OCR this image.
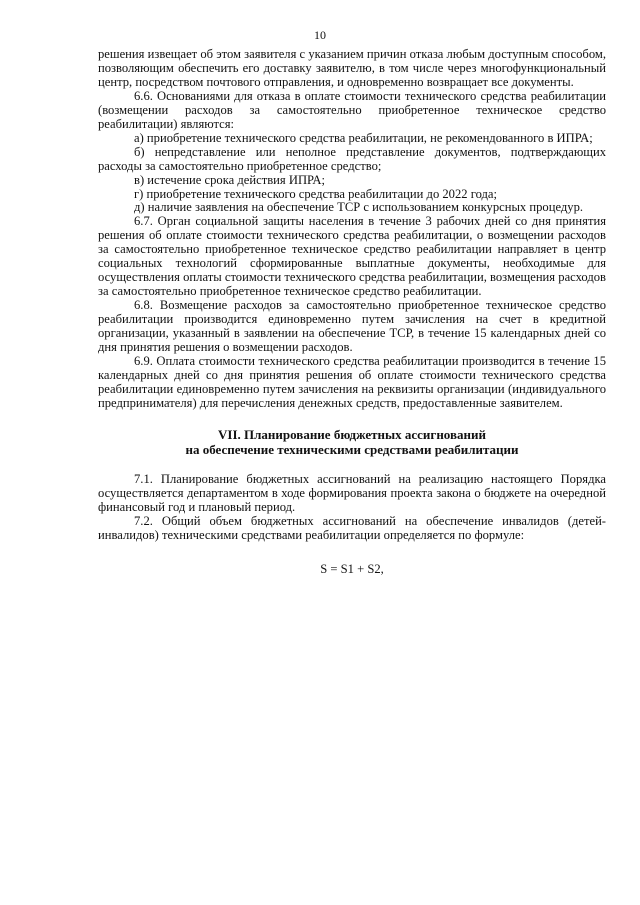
10

решения извещает об этом заявителя с указанием причин отказа любым доступным способом, позволяющим обеспечить его доставку заявителю, в том числе через многофункциональный центр, посредством почтового отправления, и одновременно возвращает все документы.

6.6. Основаниями для отказа в оплате стоимости технического средства реабилитации (возмещении расходов за самостоятельно приобретенное техническое средство реабилитации) являются:

а) приобретение технического средства реабилитации, не рекомендованного в ИПРА;

б) непредставление или неполное представление документов, подтверждающих расходы за самостоятельно приобретенное средство;

в) истечение срока действия ИПРА;

г) приобретение технического средства реабилитации до 2022 года;

д) наличие заявления на обеспечение ТСР с использованием конкурсных процедур.

6.7. Орган социальной защиты населения в течение 3 рабочих дней со дня принятия решения об оплате стоимости технического средства реабилитации, о возмещении расходов за самостоятельно приобретенное техническое средство реабилитации направляет в центр социальных технологий сформированные выплатные документы, необходимые для осуществления оплаты стоимости технического средства реабилитации, возмещения расходов за самостоятельно приобретенное техническое средство реабилитации.

6.8. Возмещение расходов за самостоятельно приобретенное техническое средство реабилитации производится единовременно путем зачисления на счет в кредитной организации, указанный в заявлении на обеспечение ТСР, в течение 15 календарных дней со дня принятия решения о возмещении расходов.

6.9. Оплата стоимости технического средства реабилитации производится в течение 15 календарных дней со дня принятия решения об оплате стоимости технического средства реабилитации единовременно путем зачисления на реквизиты организации (индивидуального предпринимателя) для перечисления денежных средств, предоставленные заявителем.

VII. Планирование бюджетных ассигнований
на обеспечение техническими средствами реабилитации

7.1. Планирование бюджетных ассигнований на реализацию настоящего Порядка осуществляется департаментом в ходе формирования проекта закона о бюджете на очередной финансовый год и плановый период.

7.2. Общий объем бюджетных ассигнований на обеспечение инвалидов (детей-инвалидов) техническими средствами реабилитации определяется по формуле:

S = S1 + S2,
